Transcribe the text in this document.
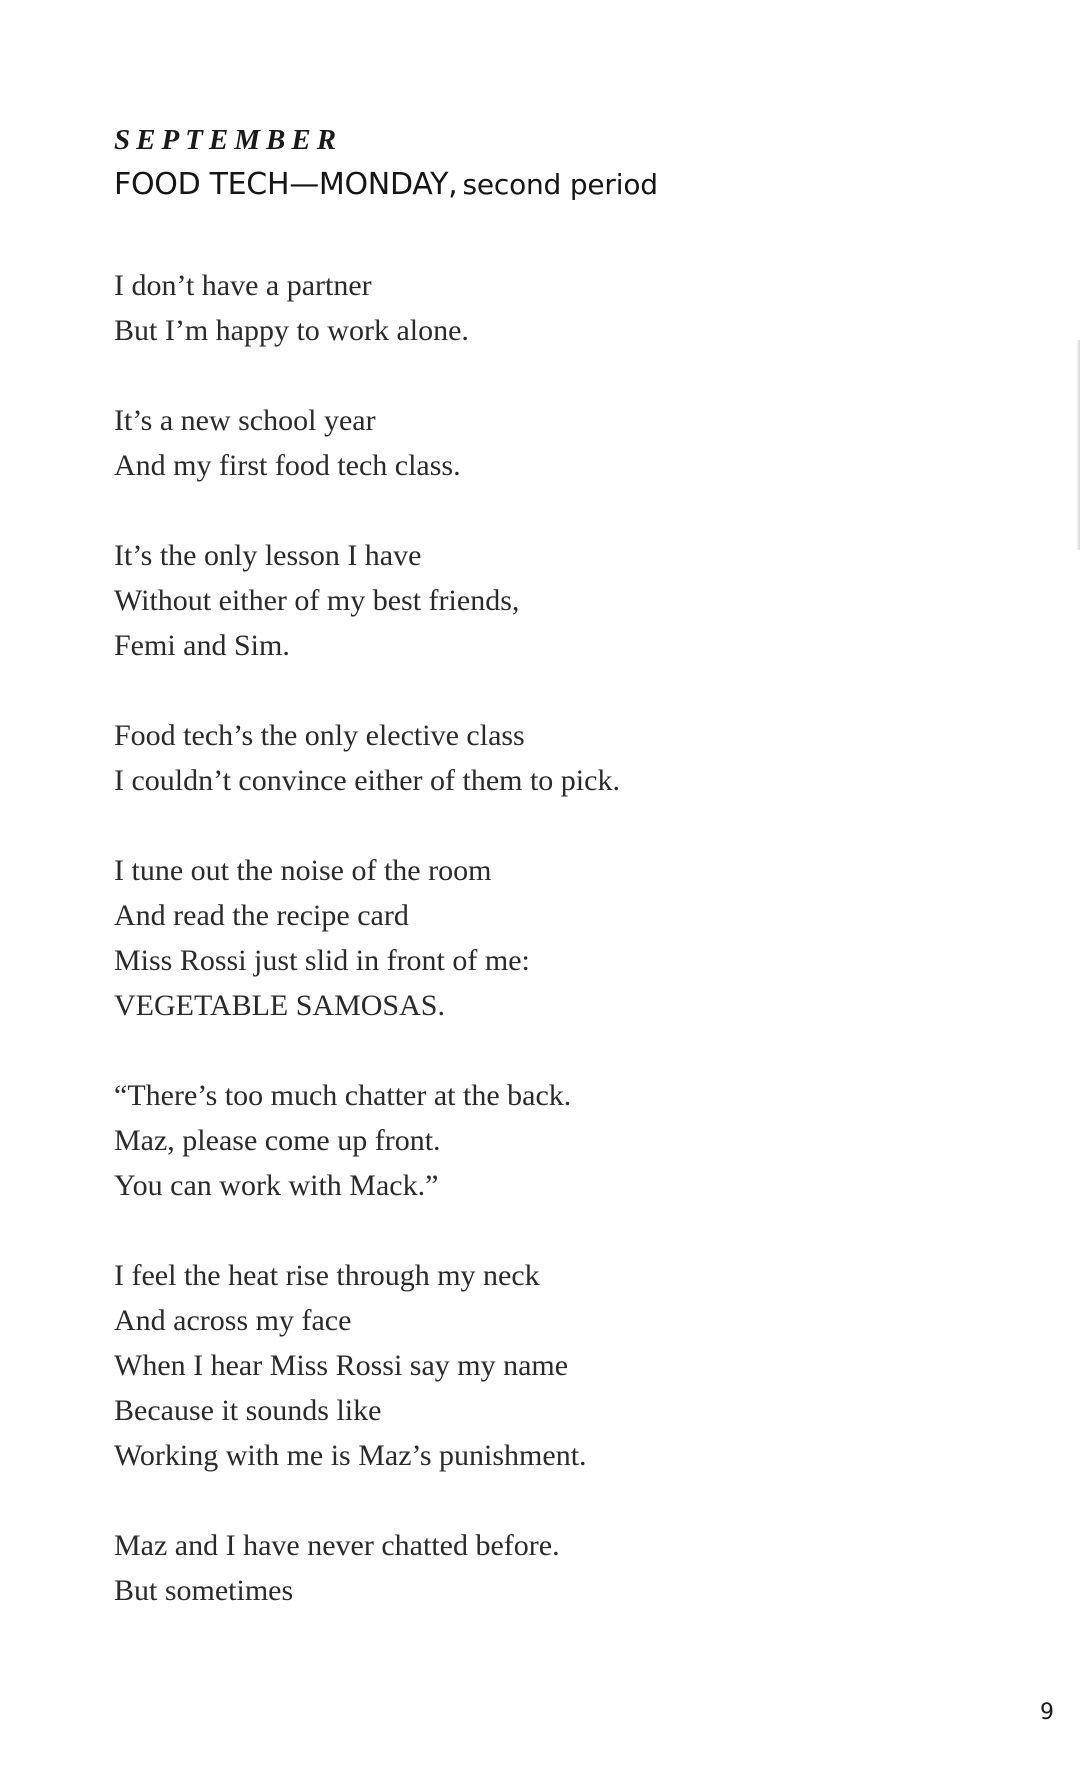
SEPTEMBER
FOOD TECH—MONDAY, second period
I don’t have a partner
But I’m happy to work alone.
It’s a new school year
And my first food tech class.
It’s the only lesson I have
Without either of my best friends,
Femi and Sim.
Food tech’s the only elective class
I couldn’t convince either of them to pick.
I tune out the noise of the room
And read the recipe card
Miss Rossi just slid in front of me:
VEGETABLE SAMOSAS.
“There’s too much chatter at the back.
Maz, please come up front.
You can work with Mack.”
I feel the heat rise through my neck
And across my face
When I hear Miss Rossi say my name
Because it sounds like
Working with me is Maz’s punishment.
Maz and I have never chatted before.
But sometimes
9
